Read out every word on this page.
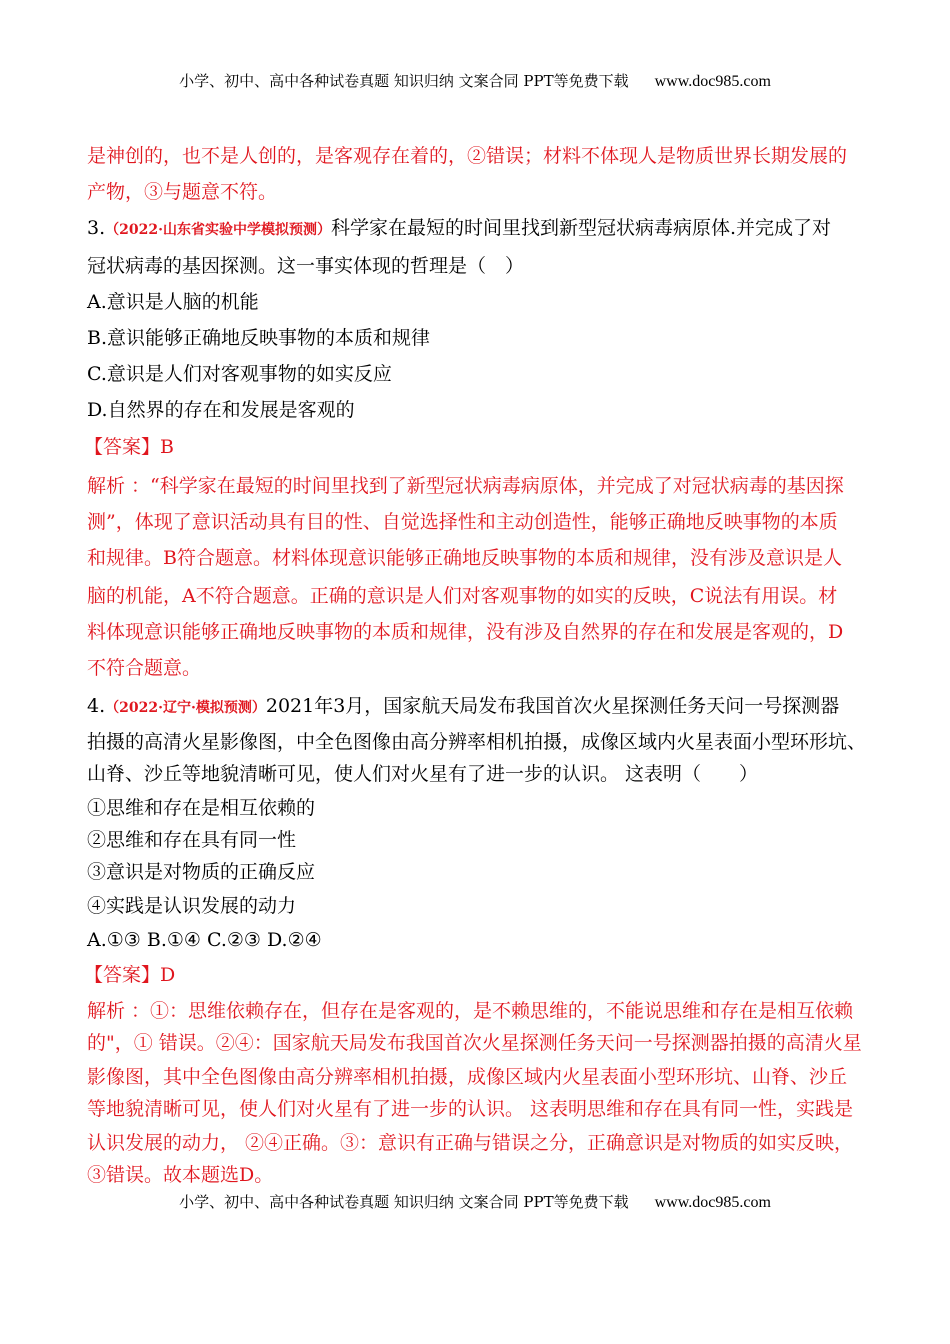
小学、初中、高中各种试卷真题 知识归纳 文案合同 PPT等免费下载 www.doc985.com
是神创的，也不是人创的，是客观存在着的，②错误；材料不体现人是物质世界长期发展的
产物，③与题意不符。
3.（2022·山东省实验中学模拟预测）科学家在最短的时间里找到新型冠状病毒病原体.并完成了对
冠状病毒的基因探测。这一事实体现的哲理是（　）
A.意识是人脑的机能
B.意识能够正确地反映事物的本质和规律
C.意识是人们对客观事物的如实反应
D.自然界的存在和发展是客观的
【答案】B
解析 ：“科学家在最短的时间里找到了新型冠状病毒病原体，并完成了对冠状病毒的基因探
测”，体现了意识活动具有目的性、自觉选择性和主动创造性，能够正确地反映事物的本质
和规律。B符合题意。材料体现意识能够正确地反映事物的本质和规律，没有涉及意识是人
脑的机能，A不符合题意。正确的意识是人们对客观事物的如实的反映，C说法有用误。材
料体现意识能够正确地反映事物的本质和规律，没有涉及自然界的存在和发展是客观的，D
不符合题意。
4.（2022·辽宁·模拟预测）2021年3月，国家航天局发布我国首次火星探测任务天问一号探测器
拍摄的高清火星影像图，中全色图像由高分辨率相机拍摄，成像区域内火星表面小型环形坑、
山脊、沙丘等地貌清晰可见，使人们对火星有了进一步的认识。 这表明（　　）
①思维和存在是相互依赖的
②思维和存在具有同一性
③意识是对物质的正确反应
④实践是认识发展的动力
A.①③ B.①④ C.②③ D.②④
【答案】D
解析 ：①：思维依赖存在，但存在是客观的，是不赖思维的，不能说思维和存在是相互依赖
的"，① 错误。②④：国家航天局发布我国首次火星探测任务天问一号探测器拍摄的高清火星
影像图，其中全色图像由高分辨率相机拍摄，成像区域内火星表面小型环形坑、山脊、沙丘
等地貌清晰可见，使人们对火星有了进一步的认识。 这表明思维和存在具有同一性，实践是
认识发展的动力， ②④正确。③：意识有正确与错误之分，正确意识是对物质的如实反映，
③错误。故本题选D。
小学、初中、高中各种试卷真题 知识归纳 文案合同 PPT等免费下载 www.doc985.com
